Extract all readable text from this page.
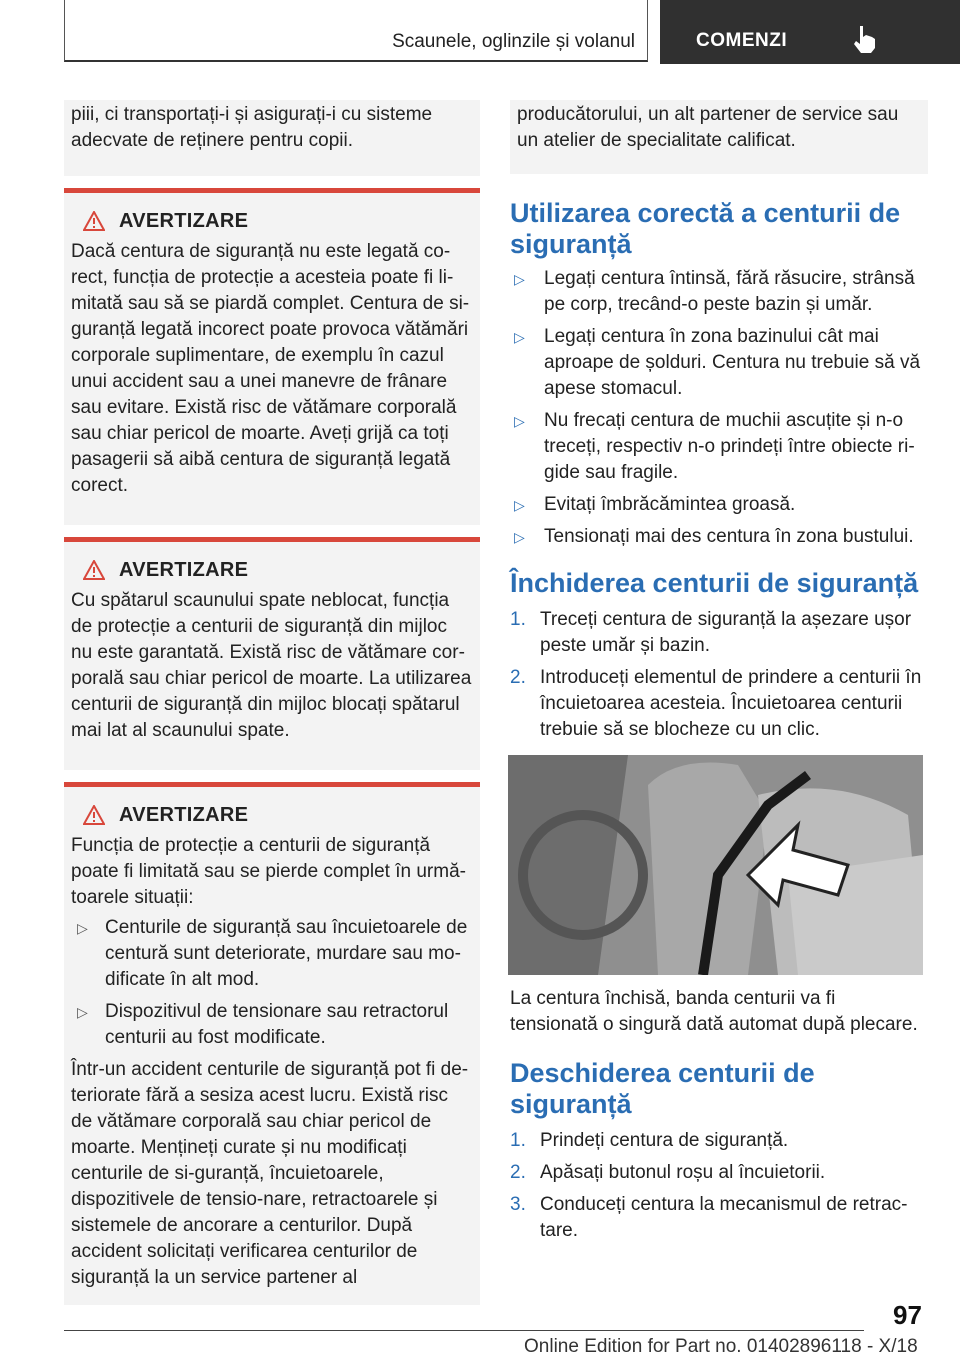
Scaunele, oglinzile și volanul	COMENZI
piii, ci transportați-i și asigurați-i cu sisteme adecvate de reținere pentru copii.
AVERTIZARE
Dacă centura de siguranță nu este legată co-rect, funcția de protecție a acesteia poate fi li-mitată sau să se piardă complet. Centura de si-guranță legată incorect poate provoca vătămări corporale suplimentare, de exemplu în cazul unui accident sau a unei manevre de frânare sau evitare. Există risc de vătămare corporală sau chiar pericol de moarte. Aveți grijă ca toți pasagerii să aibă centura de siguranță legată corect.
AVERTIZARE
Cu spătarul scaunului spate neblocat, funcția de protecție a centurii de siguranță din mijloc nu este garantată. Există risc de vătămare cor-porală sau chiar pericol de moarte. La utilizarea centurii de siguranță din mijloc blocați spătarul mai lat al scaunului spate.
AVERTIZARE
Funcția de protecție a centurii de siguranță poate fi limitată sau se pierde complet în urmă-toarele situații:
▷ Centurile de siguranță sau încuietoarele de centură sunt deteriorate, murdare sau mo-dificate în alt mod.
▷ Dispozitivul de tensionare sau retractorul centurii au fost modificate.
Într-un accident centurile de siguranță pot fi de-teriorate fără a sesiza acest lucru. Există risc de vătămare corporală sau chiar pericol de moarte. Mențineți curate și nu modificați centurile de si-guranță, încuietoarele, dispozitivele de tensio-nare, retractoarele și sistemele de ancorare a centurilor. După accident solicitați verificarea centurilor de siguranță la un service partener al
producătorului, un alt partener de service sau un atelier de specialitate calificat.
Utilizarea corectă a centurii de siguranță
▷	Legați centura întinsă, fără răsucire, strânsă pe corp, trecând-o peste bazin și umăr.
▷	Legați centura în zona bazinului cât mai aproape de șolduri. Centura nu trebuie să vă apese stomacul.
▷	Nu frecați centura de muchii ascuțite și n-o treceți, respectiv n-o prindeți între obiecte ri-gide sau fragile.
▷	Evitați îmbrăcămintea groasă.
▷	Tensionați mai des centura în zona bustului.
Închiderea centurii de siguranță
1. Treceți centura de siguranță la așezare ușor peste umăr și bazin.
2. Introduceți elementul de prindere a centurii în încuietoarea acesteia. Încuietoarea centurii trebuie să se blocheze cu un clic.
La centura închisă, banda centurii va fi tensionată o singură dată automat după plecare.
Deschiderea centurii de siguranță
1. Prindeți centura de siguranță.
2. Apăsați butonul roșu al încuietorii.
3. Conduceți centura la mecanismul de retrac-tare.
97
Online Edition for Part no. 01402896118 - X/18
